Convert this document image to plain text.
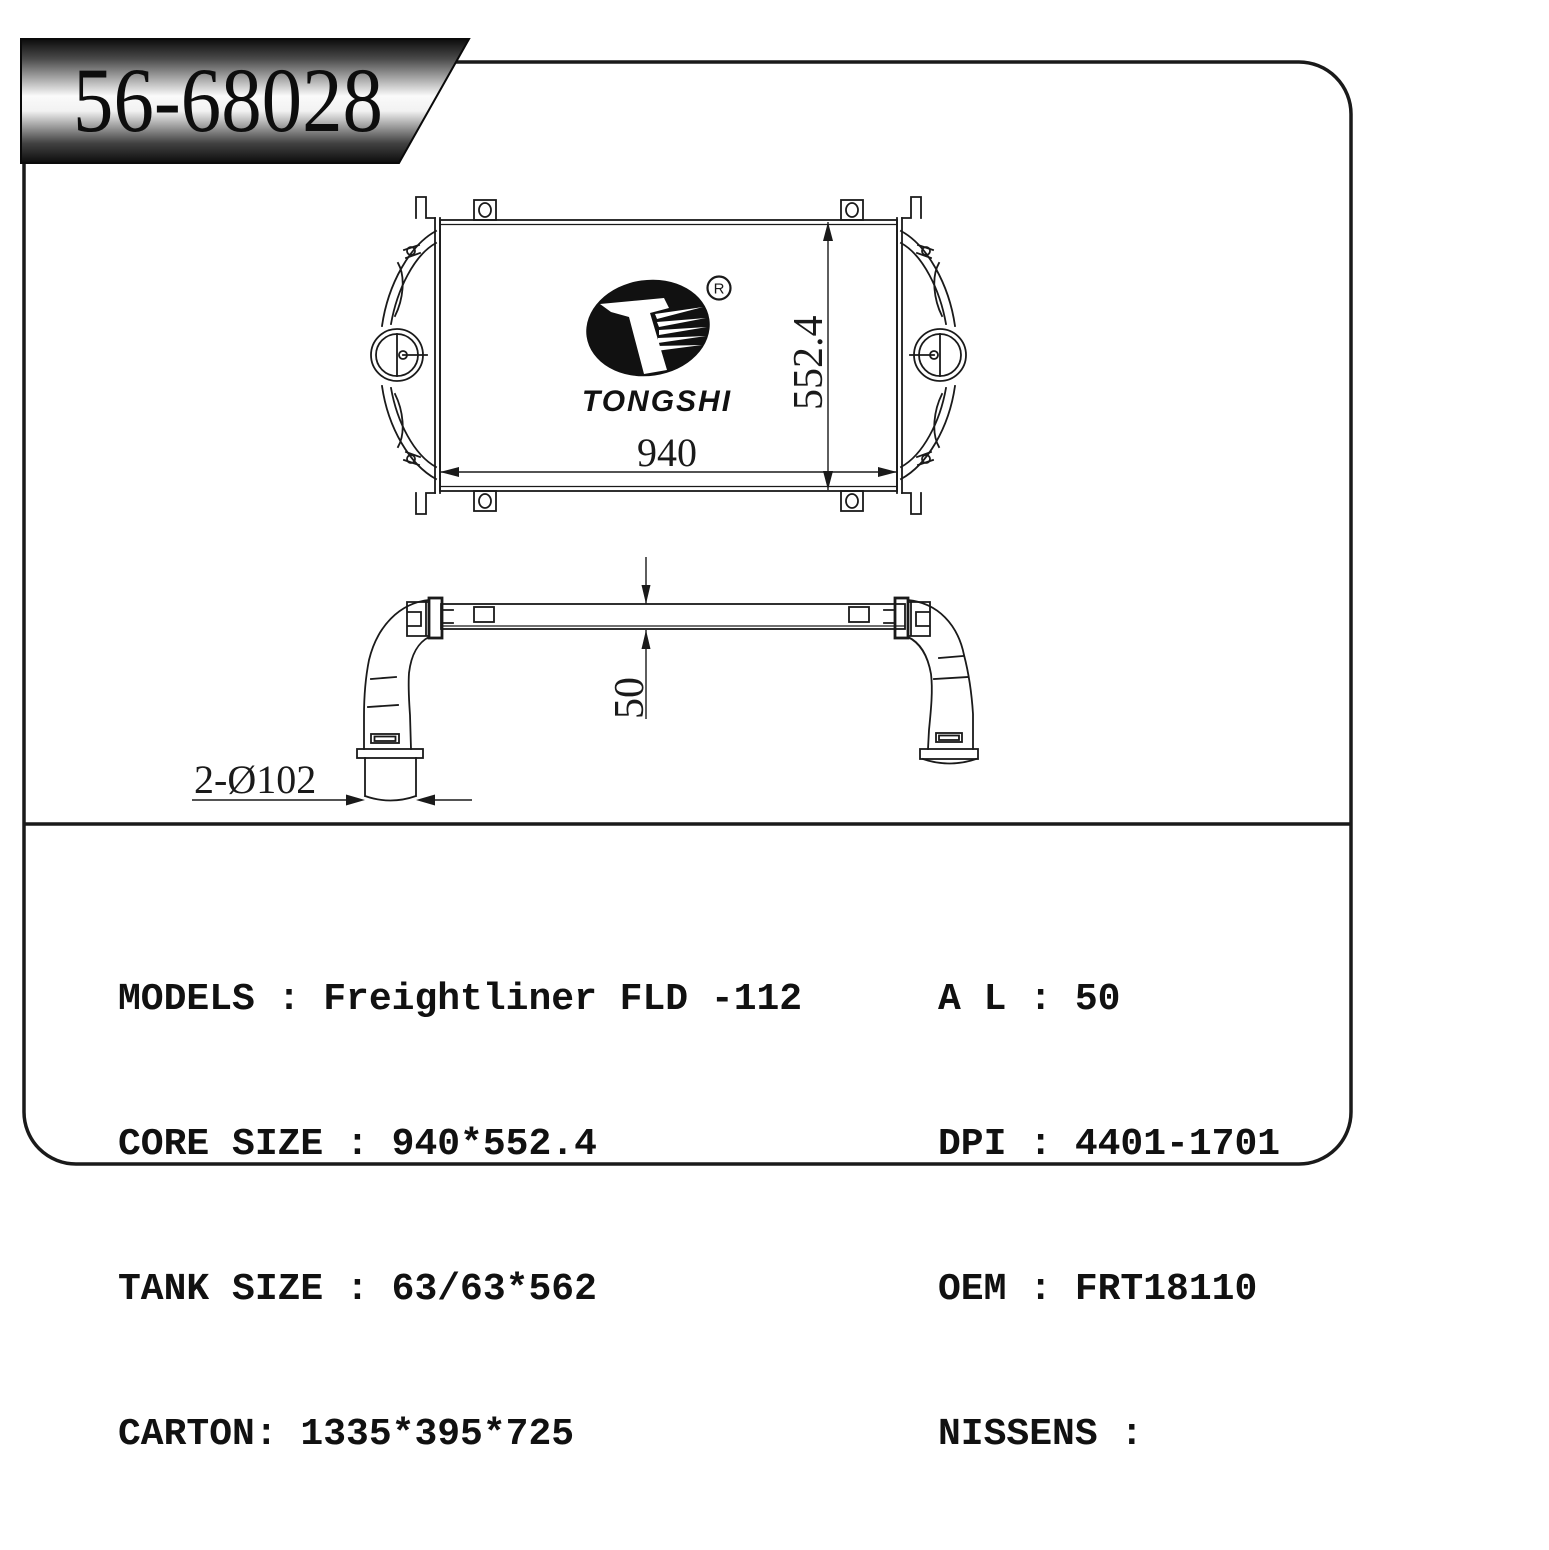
940
552.4
R
TONGSHI
50
2-Ø102
56-68028

MODELS : Freightliner FLD -112

CORE SIZE : 940*552.4

TANK SIZE : 63/63*562

CARTON: 1335*395*725

A L : 50

DPI : 4401-1701

OEM : FRT18110

NISSENS :
